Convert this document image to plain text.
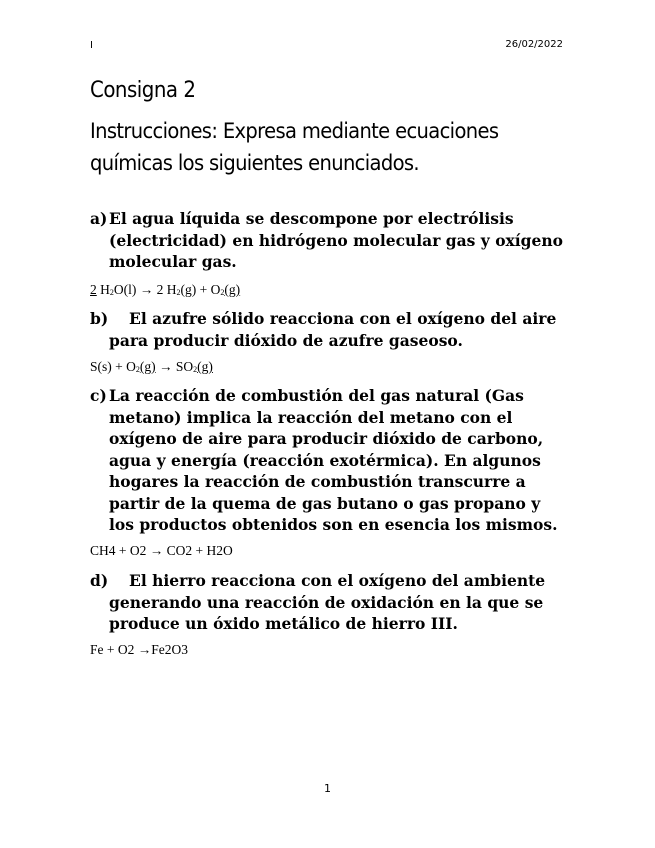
I	26/02/2022
Consigna 2
Instrucciones: Expresa mediante ecuaciones químicas los siguientes enunciados.
a) El agua líquida se descompone por electrólisis (electricidad) en hidrógeno molecular gas y oxígeno molecular gas.
2 $H_2O(l) \to 2$ $H_2(g) + O_2(g)$
b)	El azufre sólido reacciona con el oxígeno del aire para producir dióxido de azufre gaseoso.
$S(s) + O_2(g) \to SO_2(g)$
c) La reacción de combustión del gas natural (Gas metano) implica la reacción del metano con el oxígeno de aire para producir dióxido de carbono, agua y energía (reacción exotérmica). En algunos hogares la reacción de combustión transcurre a partir de la quema de gas butano o gas propano y los productos obtenidos son en esencia los mismos.
CH4 + O2 → CO2 + H2O
d)	El hierro reacciona con el oxígeno del ambiente generando una reacción de oxidación en la que se produce un óxido metálico de hierro III.
Fe + O2 →Fe2O3
1
